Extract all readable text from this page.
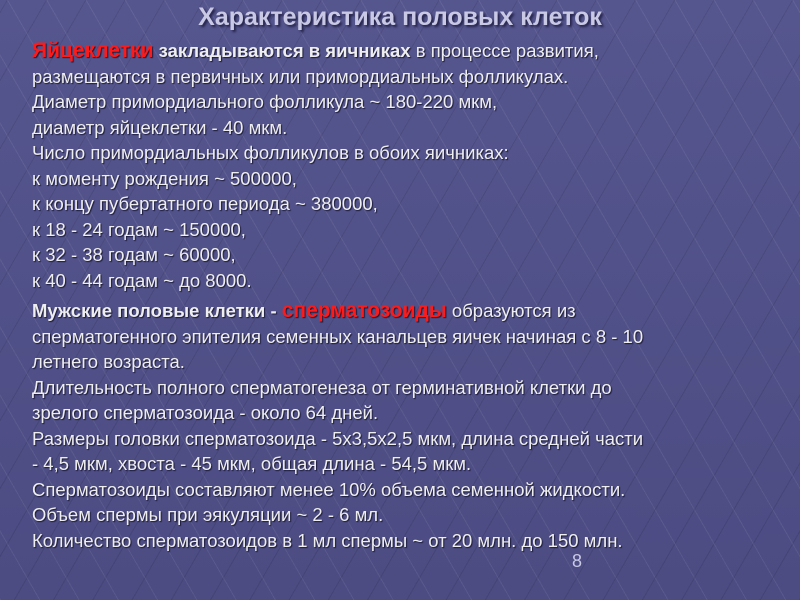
Характеристика половых клеток
Яйцеклетки закладываются в яичниках в процессе развития,
размещаются в первичных или примордиальных фолликулах.
Диаметр примордиального фолликула ~ 180-220 мкм,
диаметр яйцеклетки - 40 мкм.
Число примордиальных фолликулов в обоих яичниках:
к моменту рождения ~ 500000,
к концу пубертатного периода ~ 380000,
к 18 - 24 годам ~ 150000,
к 32 - 38 годам ~ 60000,
к 40 - 44 годам ~ до 8000.
Мужские половые клетки - сперматозоиды образуются из
сперматогенного эпителия семенных канальцев яичек начиная с 8 - 10
летнего возраста.
Длительность полного сперматогенеза от герминативной клетки до
зрелого сперматозоида - около 64 дней.
Размеры головки сперматозоида - 5х3,5х2,5 мкм, длина средней части
- 4,5 мкм, хвоста - 45 мкм, общая длина - 54,5 мкм.
Сперматозоиды составляют менее 10% объема семенной жидкости.
Объем спермы при эякуляции ~ 2 - 6 мл.
Количество сперматозоидов в 1 мл спермы ~ от 20 млн. до 150 млн.
8
